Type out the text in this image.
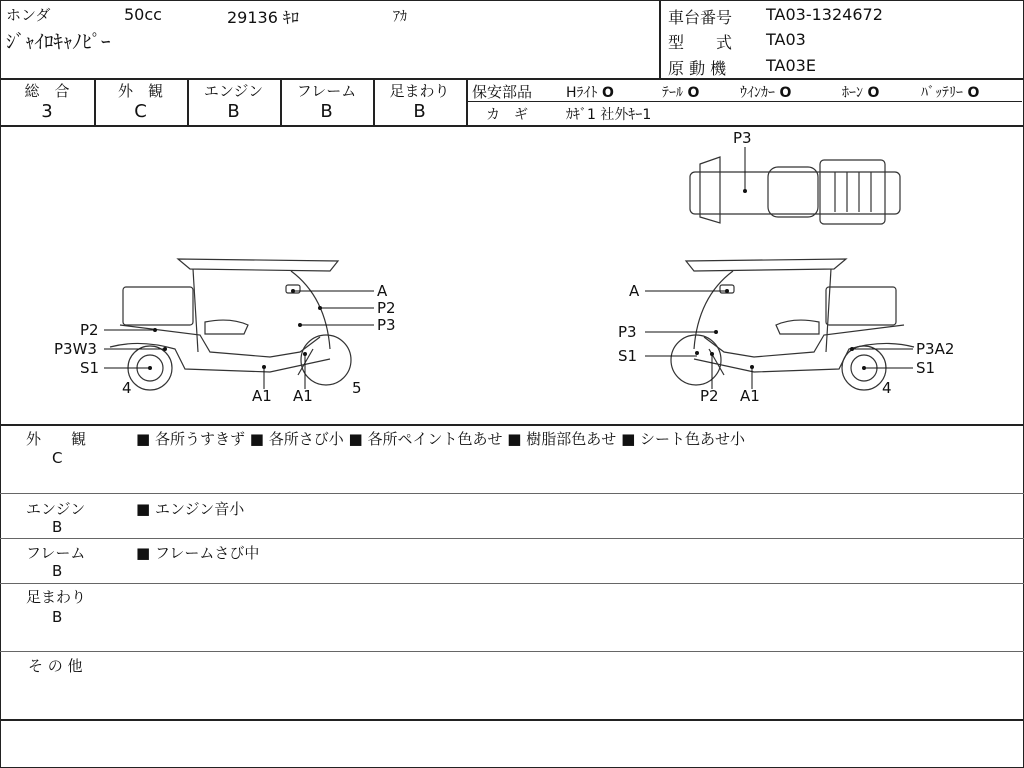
ホンダ	50cc	29136 ｷﾛ	ｱｶ
ｼﾞｬｲﾛｷｬﾉﾋﾟｰ
車台番号 TA03-1324672
型　　式 TA03
原 動 機 TA03E
総　合
3
外　観
C
エンジン
B
フレーム
B
足まわり
B
保安部品 Hﾗｲﾄ O	ﾃｰﾙ O	ｳｲﾝｶｰ O	ﾎｰﾝ O	ﾊﾞｯﾃﾘｰ O
カ　ギ	ｶｷﾞ1 社外ｷｰ1
P2
P3W3
S1
4
A
P2
P3
A1 A1	5
P3
A
P3
S1
P2 A1
P3A2
S1
4
外　　観
C
■ 各所うすきず ■ 各所さび小 ■ 各所ペイント色あせ ■ 樹脂部色あせ ■ シート色あせ小
エンジン
B
■ エンジン音小
フレーム
B
■ フレームさび中
足まわり
B
そ の 他
